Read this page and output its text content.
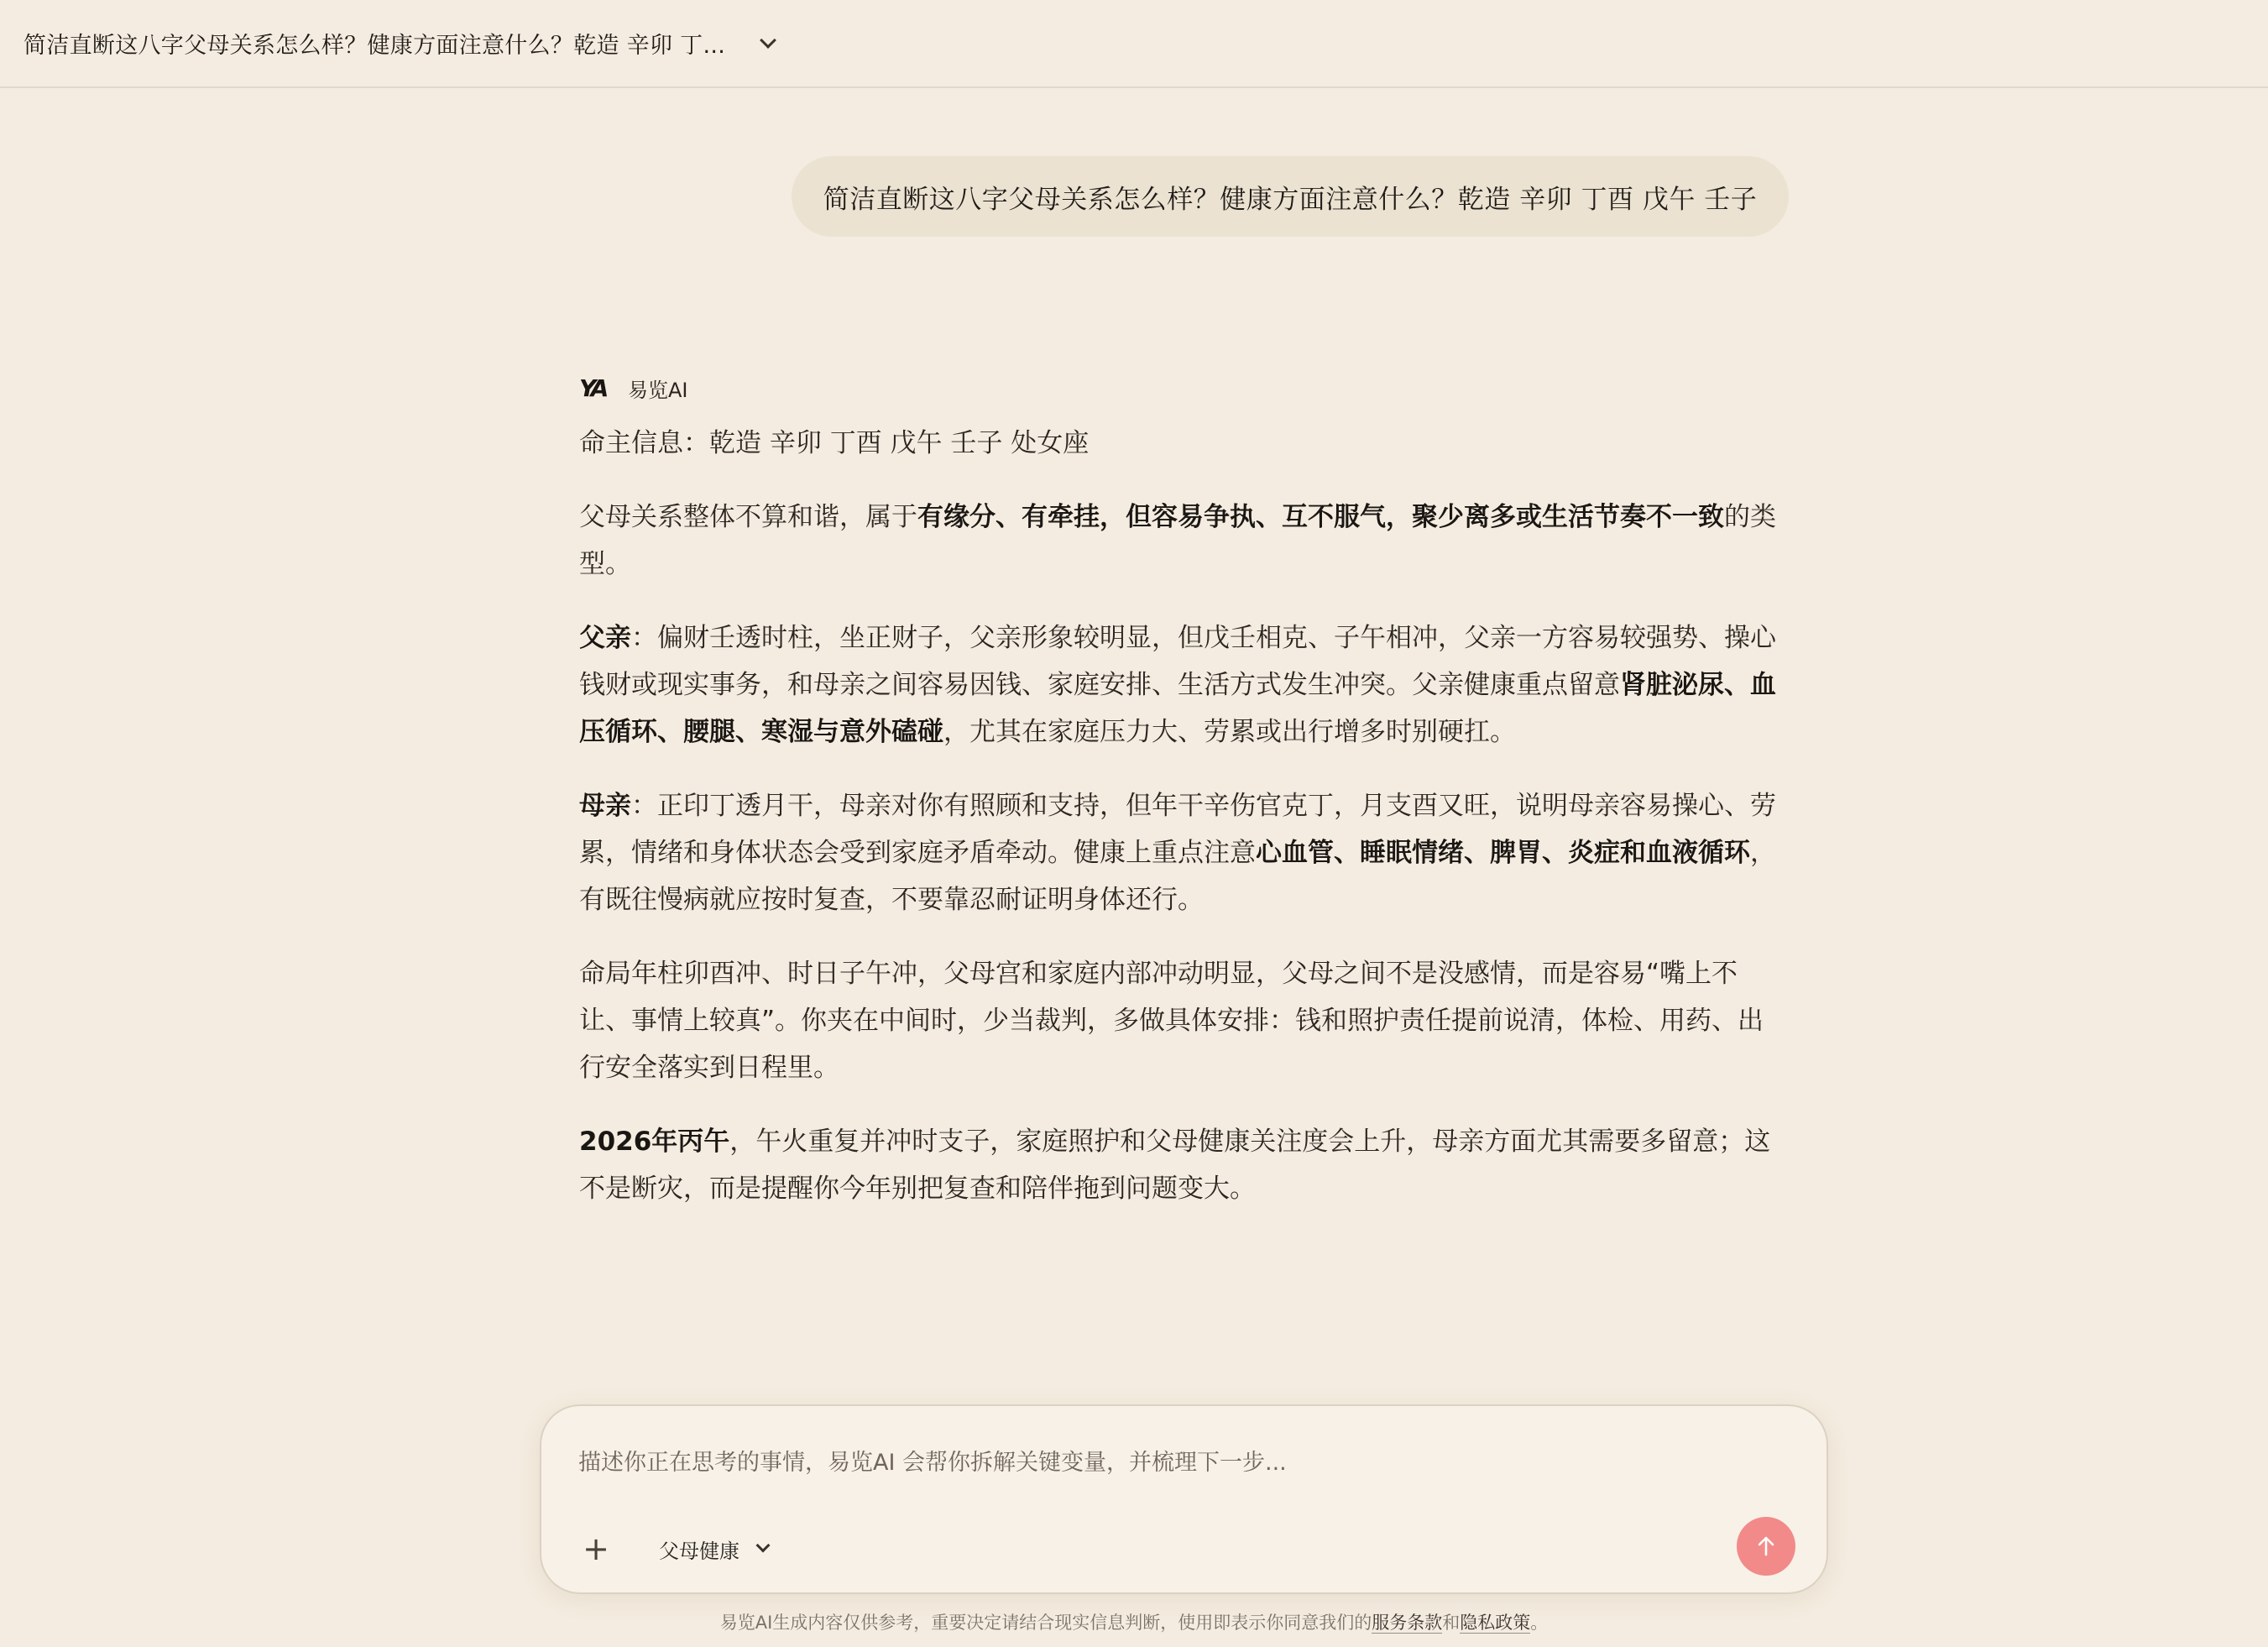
简洁直断这八字父母关系怎么样？健康方面注意什么？乾造 辛卯 丁...
简洁直断这八字父母关系怎么样？健康方面注意什么？乾造 辛卯 丁酉 戊午 壬子
YA	易览AI

命主信息：乾造 辛卯 丁酉 戊午 壬子 处女座

父母关系整体不算和谐，属于有缘分、有牵挂，但容易争执、互不服气，聚少离多或生活节奏不一致的类型。

父亲：偏财壬透时柱，坐正财子，父亲形象较明显，但戊壬相克、子午相冲，父亲一方容易较强势、操心钱财或现实事务，和母亲之间容易因钱、家庭安排、生活方式发生冲突。父亲健康重点留意肾脏泌尿、血压循环、腰腿、寒湿与意外磕碰，尤其在家庭压力大、劳累或出行增多时别硬扛。

母亲：正印丁透月干，母亲对你有照顾和支持，但年干辛伤官克丁，月支酉又旺，说明母亲容易操心、劳累，情绪和身体状态会受到家庭矛盾牵动。健康上重点注意心血管、睡眠情绪、脾胃、炎症和血液循环，有既往慢病就应按时复查，不要靠忍耐证明身体还行。

命局年柱卯酉冲、时日子午冲，父母宫和家庭内部冲动明显，父母之间不是没感情，而是容易“嘴上不让、事情上较真”。你夹在中间时，少当裁判，多做具体安排：钱和照护责任提前说清，体检、用药、出行安全落实到日程里。

2026年丙午，午火重复并冲时支子，家庭照护和父母健康关注度会上升，母亲方面尤其需要多留意；这不是断灾，而是提醒你今年别把复查和陪伴拖到问题变大。

描述你正在思考的事情，易览AI 会帮你拆解关键变量，并梳理下一步...
+ 父母健康
易览AI生成内容仅供参考，重要决定请结合现实信息判断，使用即表示你同意我们的服务条款和隐私政策。
